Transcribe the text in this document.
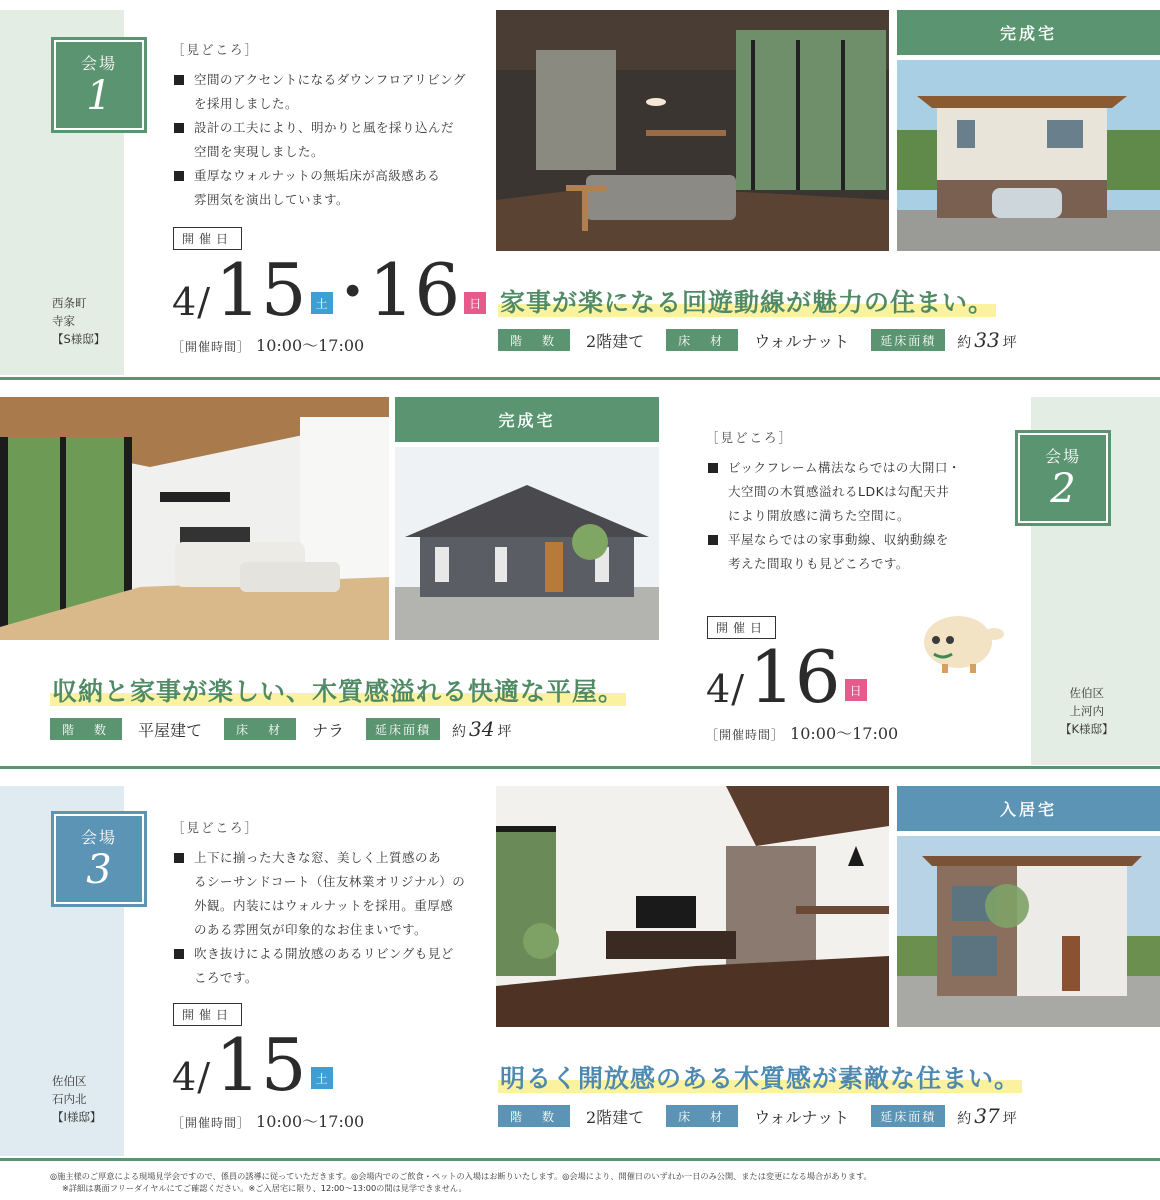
会場
1
西条町
寺家
【S様邸】
［見どころ］
空間のアクセントになるダウンフロアリビング
を採用しました。
設計の工夫により、明かりと風を採り込んだ
空間を実現しました。
重厚なウォルナットの無垢床が高級感ある
雰囲気を演出しています。
開催日
4 / 15 土 ･ 16 日
［開催時間］ 10:00〜17:00
完成宅
家事が楽になる回遊動線が魅力の住まい。
階　数	2階建て	床　材	ウォルナット	延床面積	約 33 坪
完成宅
［見どころ］
ビックフレーム構法ならではの大開口・
大空間の木質感溢れるLDKは勾配天井
により開放感に満ちた空間に。
平屋ならではの家事動線、収納動線を
考えた間取りも見どころです。
開催日
4 / 16 日
［開催時間］ 10:00〜17:00
会場
2
佐伯区
上河内
【K様邸】
収納と家事が楽しい、木質感溢れる快適な平屋。
階　数	平屋建て	床　材	ナラ	延床面積	約 34 坪
会場
3
佐伯区
石内北
【I様邸】
［見どころ］
上下に揃った大きな窓、美しく上質感のあ
るシーサンドコート（住友林業オリジナル）の
外観。内装にはウォルナットを採用。重厚感
のある雰囲気が印象的なお住まいです。
吹き抜けによる開放感のあるリビングも見ど
ころです。
開催日
4 / 15 土
［開催時間］ 10:00〜17:00
入居宅
明るく開放感のある木質感が素敵な住まい。
階　数	2階建て	床　材	ウォルナット	延床面積	約 37 坪
◎施主様のご厚意による現場見学会ですので、係員の誘導に従っていただきます。◎会場内でのご飲食・ペットの入場はお断りいたします。◎会場により、開催日のいずれか一日のみ公開、または変更になる場合があります。
※詳細は裏面フリーダイヤルにてご確認ください。※ご入居宅に限り、12:00〜13:00の間は見学できません。
